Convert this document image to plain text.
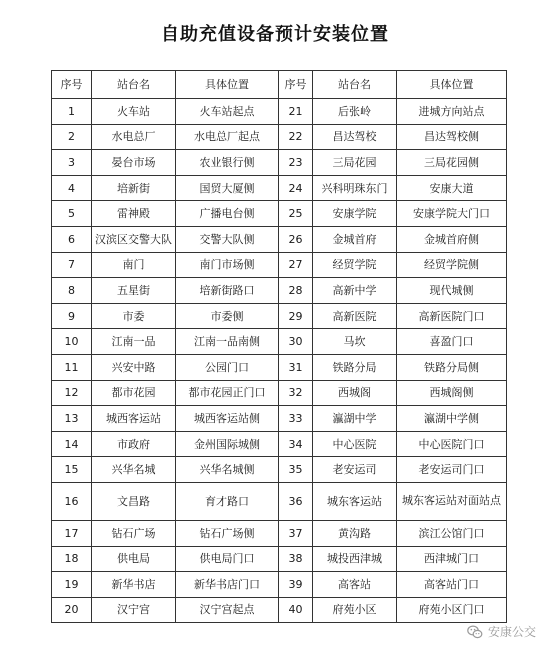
自助充值设备预计安装位置
序号	站台名	具体位置	序号	站台名	具体位置
1	火车站	火车站起点	21	后张岭	进城方向站点
2	水电总厂	水电总厂起点	22	昌达驾校	昌达驾校侧
3	晏台市场	农业银行侧	23	三局花园	三局花园侧
4	培新街	国贸大厦侧	24	兴科明珠东门	安康大道
5	雷神殿	广播电台侧	25	安康学院	安康学院大门口
6	汉滨区交警大队	交警大队侧	26	金城首府	金城首府侧
7	南门	南门市场侧	27	经贸学院	经贸学院侧
8	五星街	培新街路口	28	高新中学	现代城侧
9	市委	市委侧	29	高新医院	高新医院门口
10	江南一品	江南一品南侧	30	马坎	喜盈门口
11	兴安中路	公园门口	31	铁路分局	铁路分局侧
12	都市花园	都市花园正门口	32	西城阁	西城阁侧
13	城西客运站	城西客运站侧	33	瀛湖中学	瀛湖中学侧
14	市政府	金州国际城侧	34	中心医院	中心医院门口
15	兴华名城	兴华名城侧	35	老安运司	老安运司门口
16	文昌路	育才路口	36	城东客运站	城东客运站对面站点
17	钻石广场	钻石广场侧	37	黄沟路	滨江公馆门口
18	供电局	供电局门口	38	城投西津城	西津城门口
19	新华书店	新华书店门口	39	高客站	高客站门口
20	汉宁宫	汉宁宫起点	40	府苑小区	府苑小区门口
安康公交
